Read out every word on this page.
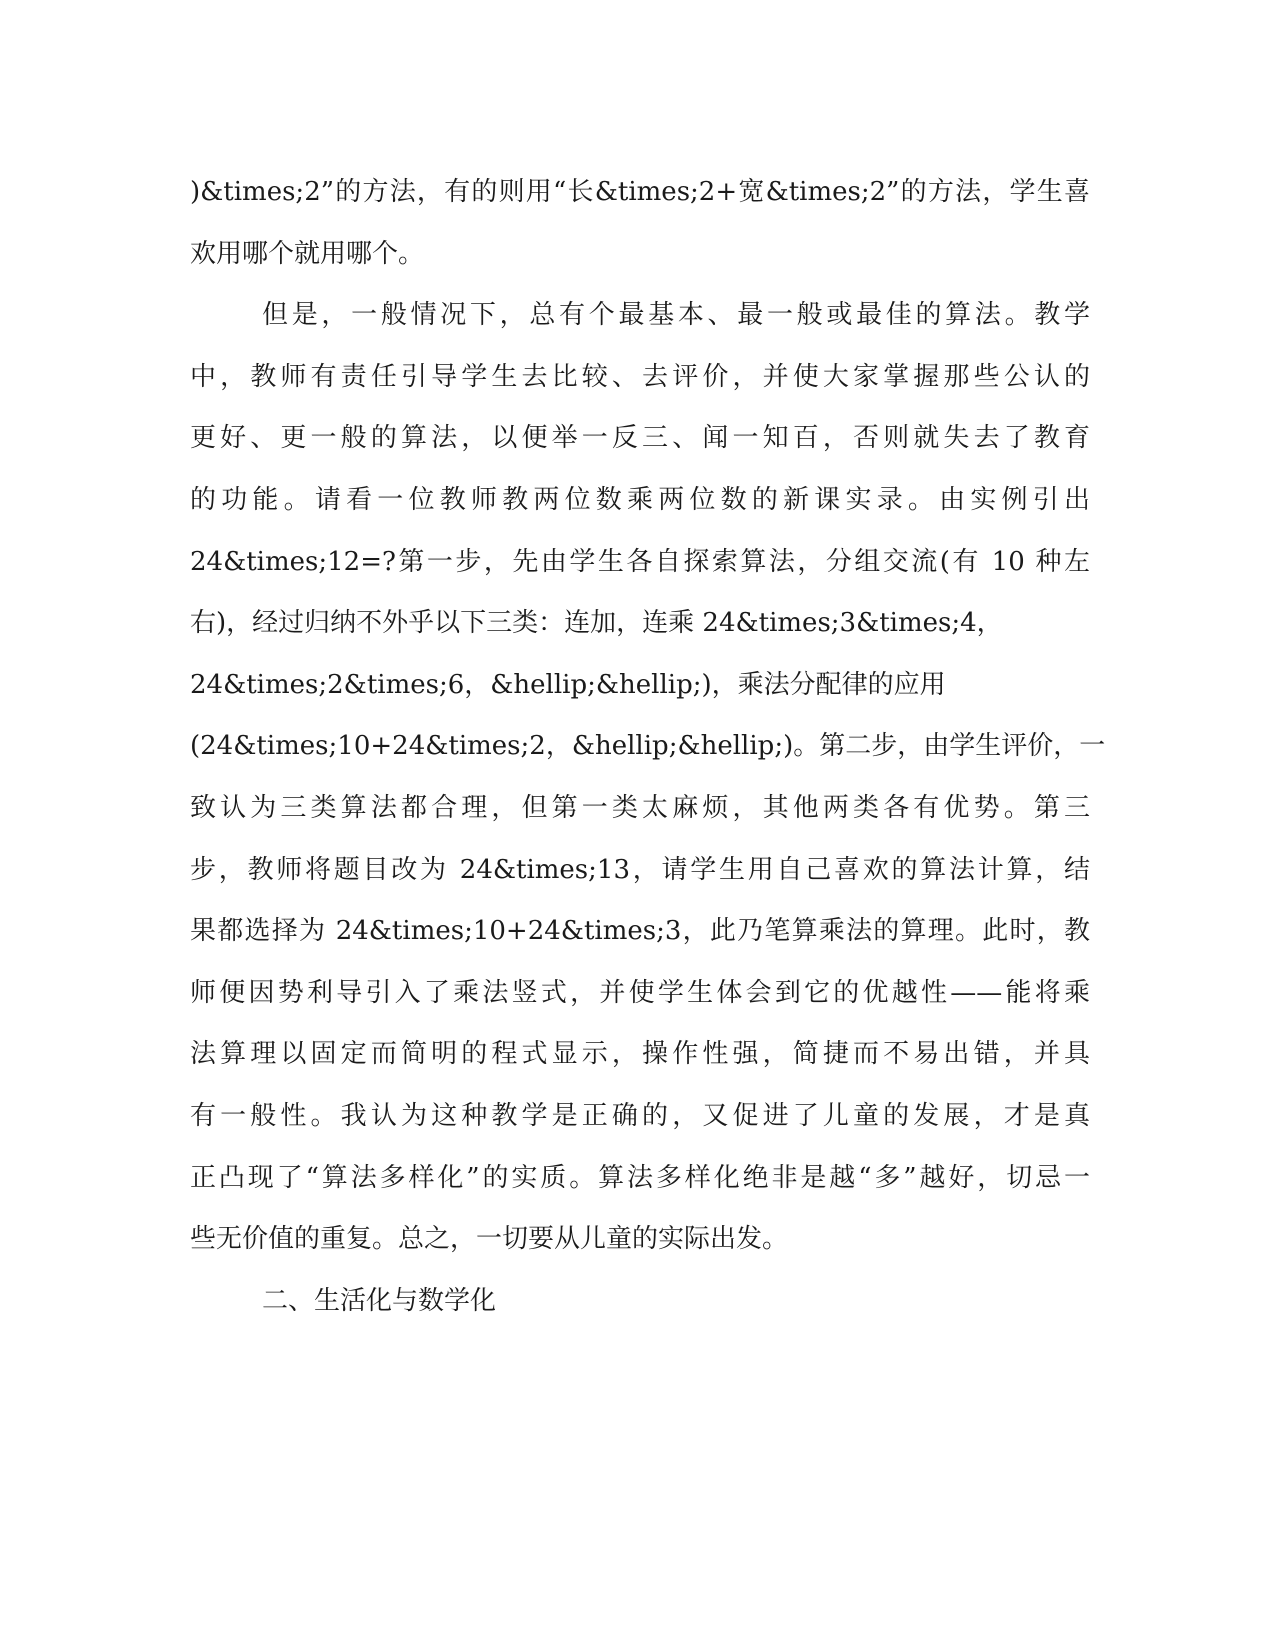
)&times;2”的方法，有的则用“长&times;2+宽&times;2”的方法，学生喜
欢用哪个就用哪个。
但是，一般情况下，总有个最基本、最一般或最佳的算法。教学
中，教师有责任引导学生去比较、去评价，并使大家掌握那些公认的
更好、更一般的算法，以便举一反三、闻一知百，否则就失去了教育
的功能。请看一位教师教两位数乘两位数的新课实录。由实例引出
24&times;12=?第一步，先由学生各自探索算法，分组交流(有 10 种左
右)，经过归纳不外乎以下三类：连加，连乘 24&times;3&times;4，
24&times;2&times;6，&hellip;&hellip;)，乘法分配律的应用
(24&times;10+24&times;2，&hellip;&hellip;)。第二步，由学生评价，一
致认为三类算法都合理，但第一类太麻烦，其他两类各有优势。第三
步，教师将题目改为 24&times;13，请学生用自己喜欢的算法计算，结
果都选择为 24&times;10+24&times;3，此乃笔算乘法的算理。此时，教
师便因势利导引入了乘法竖式，并使学生体会到它的优越性——能将乘
法算理以固定而简明的程式显示，操作性强，简捷而不易出错，并具
有一般性。我认为这种教学是正确的，又促进了儿童的发展，才是真
正凸现了“算法多样化”的实质。算法多样化绝非是越“多”越好，切忌一
些无价值的重复。总之，一切要从儿童的实际出发。
二、生活化与数学化
